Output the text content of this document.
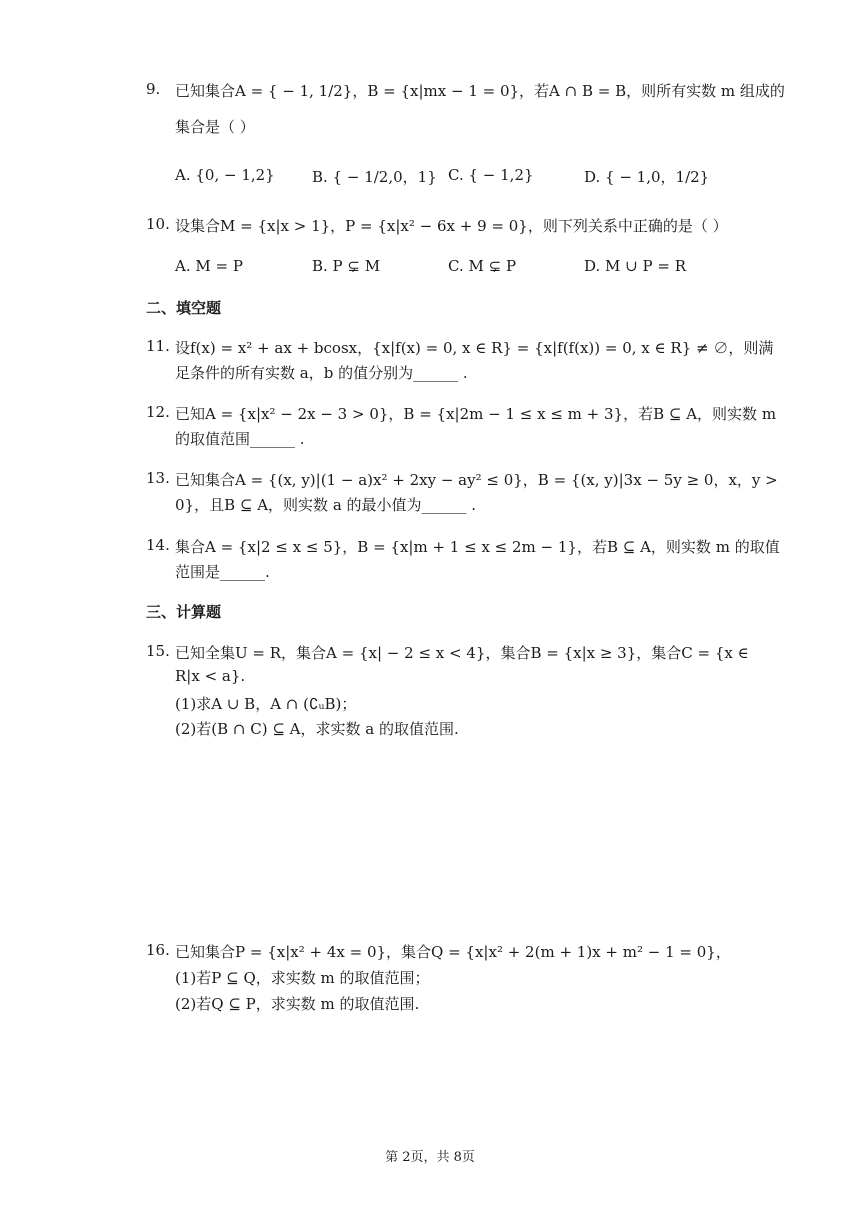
9. 已知集合A = { − 1, 1/2}，B = {x|mx − 1 = 0}，若A ∩ B = B，则所有实数 m 组成的
集合是（ ）
A. {0, − 1,2} B. { − 1/2,0，1} C. { − 1,2}	D. { − 1,0，1/2}
10. 设集合M = {x|x > 1}，P = {x|x² − 6x + 9 = 0}，则下列关系中正确的是（ ）
A. M = P	B. P ⊊ M	C. M ⊊ P	D. M ∪ P = R
二、填空题
11. 设f(x) = x² + ax + bcosx，{x|f(x) = 0, x ∈ R} = {x|f(f(x)) = 0, x ∈ R} ≠ ∅，则满
足条件的所有实数 a，b 的值分别为______ .
12. 已知A = {x|x² − 2x − 3 > 0}，B = {x|2m − 1 ≤ x ≤ m + 3}，若B ⊆ A，则实数 m
的取值范围______ .
13. 已知集合A = {(x, y)|(1 − a)x² + 2xy − ay² ≤ 0}，B = {(x, y)|3x − 5y ≥ 0，x，y >
0}，且B ⊆ A，则实数 a 的最小值为______ .
14. 集合A = {x|2 ≤ x ≤ 5}，B = {x|m + 1 ≤ x ≤ 2m − 1}，若B ⊆ A，则实数 m 的取值
范围是______.
三、计算题
15. 已知全集U = R，集合A = {x| − 2 ≤ x < 4}，集合B = {x|x ≥ 3}，集合C = {x ∈
R|x < a}.
(1)求A ∪ B，A ∩ (∁ᵤB)；
(2)若(B ∩ C) ⊆ A，求实数 a 的取值范围.
16. 已知集合P = {x|x² + 4x = 0}，集合Q = {x|x² + 2(m + 1)x + m² − 1 = 0}，
(1)若P ⊆ Q，求实数 m 的取值范围；
(2)若Q ⊆ P，求实数 m 的取值范围.
第 2页，共 8页
